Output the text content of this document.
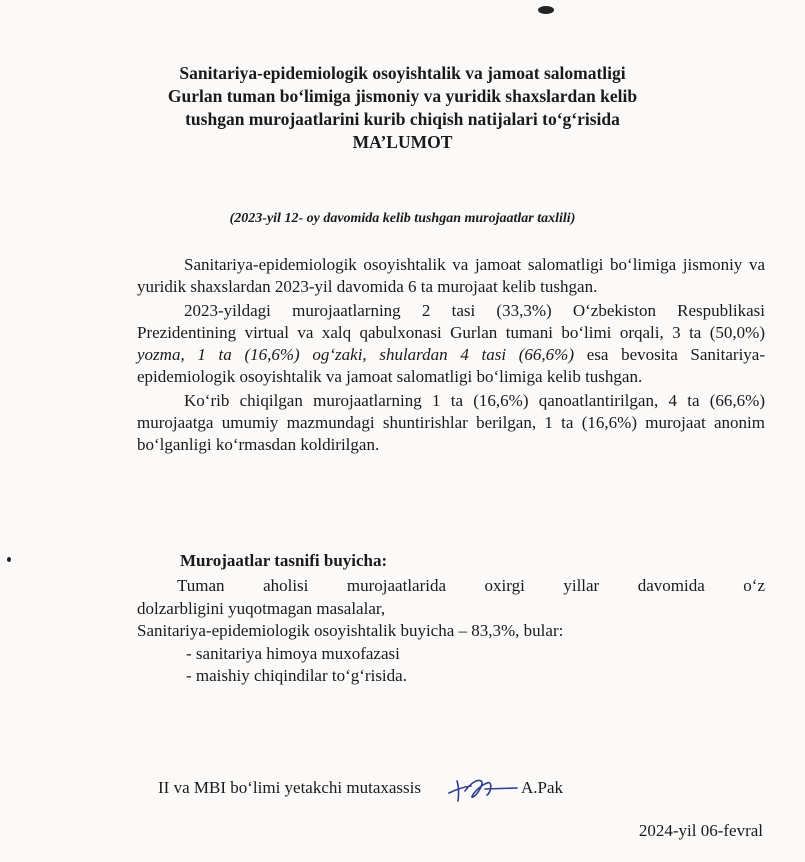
Sanitariya-epidemiologik osoyishtalik va jamoat salomatligi
Gurlan tuman bo‘limiga jismoniy va yuridik shaxslardan kelib
tushgan murojaatlarini kurib chiqish natijalari to‘g‘risida
MA’LUMOT
(2023-yil 12- oy davomida kelib tushgan murojaatlar taxlili)

Sanitariya-epidemiologik osoyishtalik va jamoat salomatligi bo‘limiga jismoniy va yuridik shaxslardan 2023-yil davomida 6 ta murojaat kelib tushgan.

2023-yildagi murojaatlarning 2 tasi (33,3%) O‘zbekiston Respublikasi Prezidentining virtual va xalq qabulxonasi Gurlan tumani bo‘limi orqali, 3 ta (50,0%) yozma, 1 ta (16,6%) og‘zaki, shulardan 4 tasi (66,6%) esa bevosita Sanitariya-epidemiologik osoyishtalik va jamoat salomatligi bo‘limiga kelib tushgan.

Ko‘rib chiqilgan murojaatlarning 1 ta (16,6%) qanoatlantirilgan, 4 ta (66,6%) murojaatga umumiy mazmundagi shuntirishlar berilgan, 1 ta (16,6%) murojaat anonim bo‘lganligi ko‘rmasdan koldirilgan.

Murojaatlar tasnifi buyicha:
Tuman aholisi murojaatlarida oxirgi yillar davomida o‘z
dolzarbligini yuqotmagan masalalar,
Sanitariya-epidemiologik osoyishtalik buyicha – 83,3%, bular:
- sanitariya himoya muxofazasi
- maishiy chiqindilar to‘g‘risida.
II va MBI bo‘limi yetakchi mutaxassis	A.Pak
2024-yil 06-fevral
